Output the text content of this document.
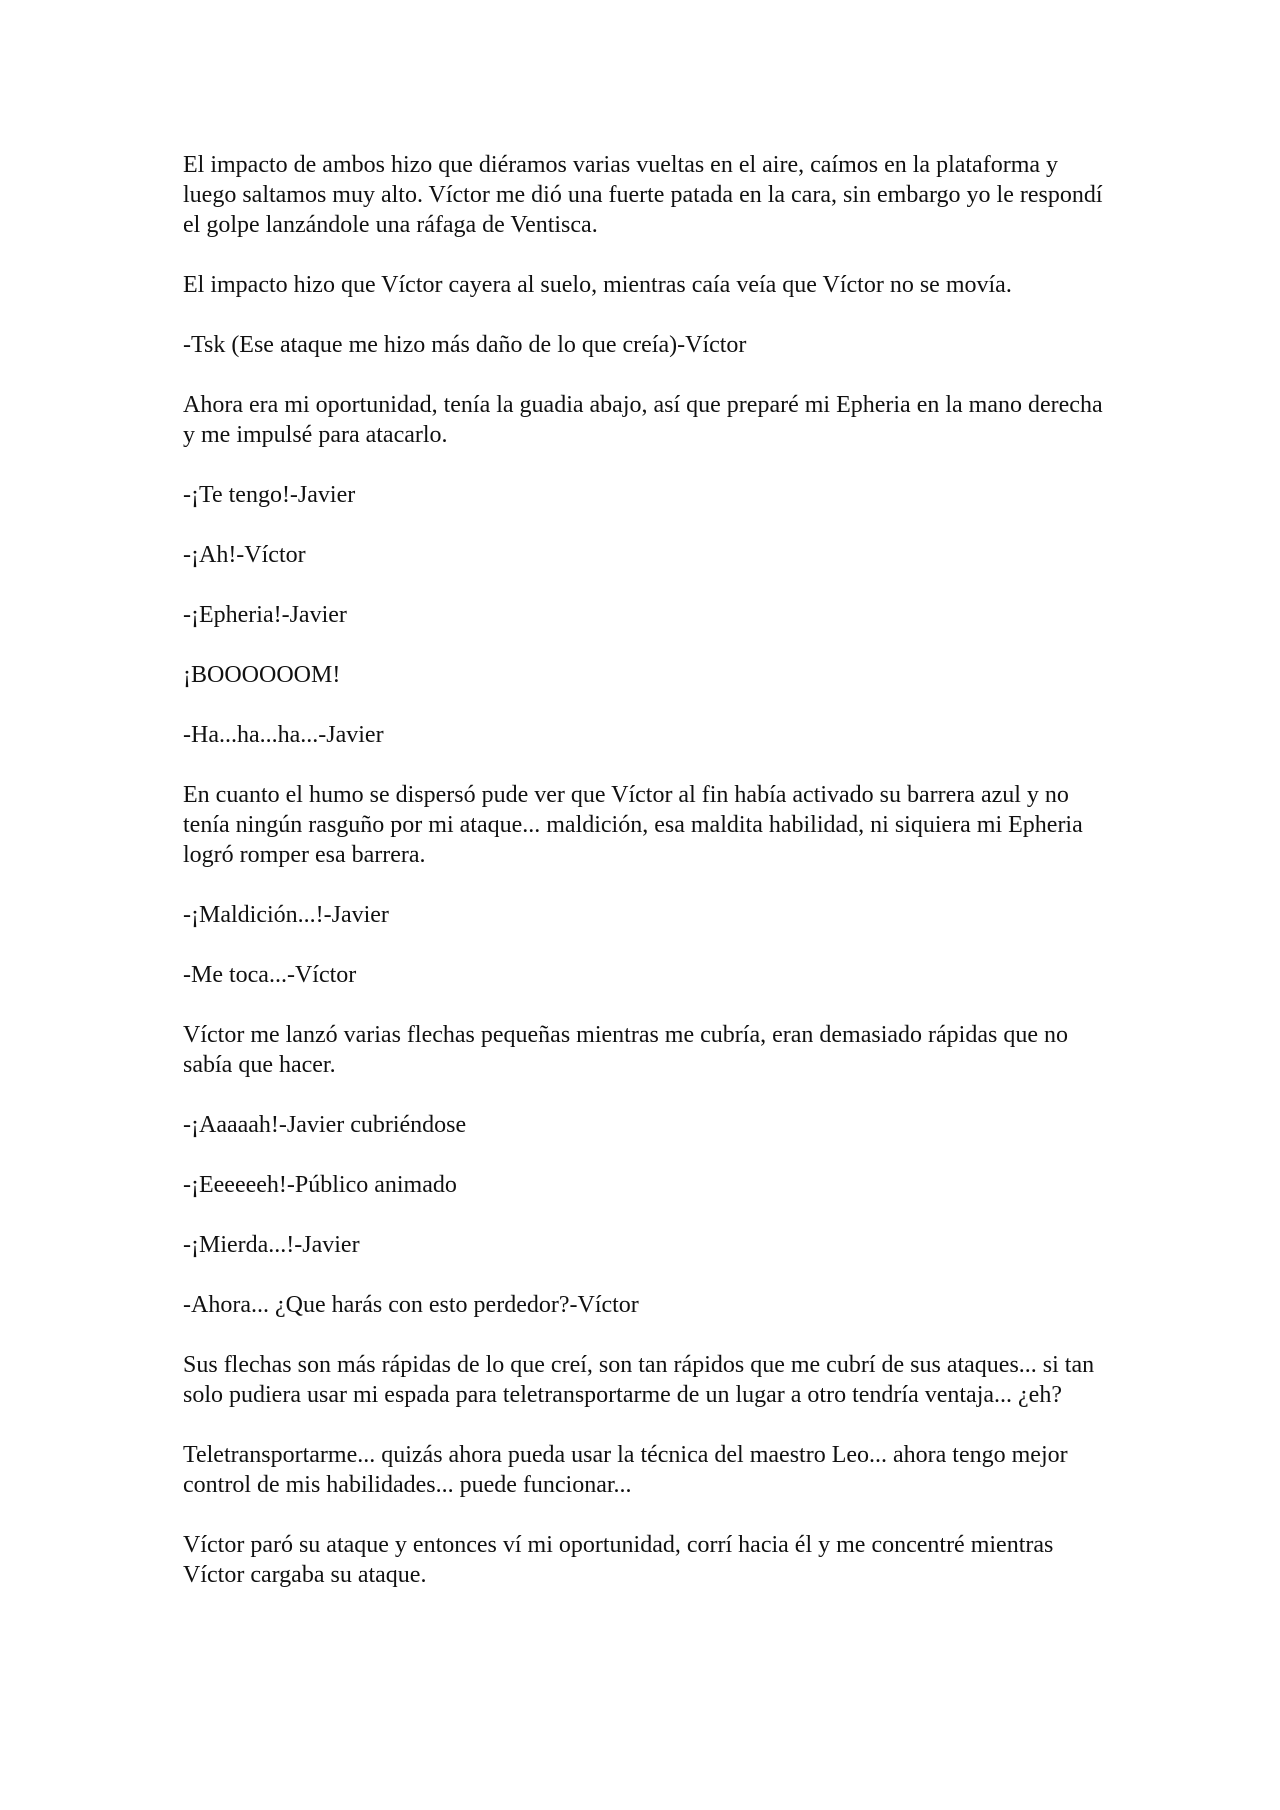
El impacto de ambos hizo que diéramos varias vueltas en el aire, caímos en la plataforma y luego saltamos muy alto. Víctor me dió una fuerte patada en la cara, sin embargo yo le respondí el golpe lanzándole una ráfaga de Ventisca.

El impacto hizo que Víctor cayera al suelo, mientras caía veía que Víctor no se movía.

-Tsk (Ese ataque me hizo más daño de lo que creía)-Víctor

Ahora era mi oportunidad, tenía la guadia abajo, así que preparé mi Epheria en la mano derecha y me impulsé para atacarlo.

-¡Te tengo!-Javier

-¡Ah!-Víctor

-¡Epheria!-Javier

¡BOOOOOOM!

-Ha...ha...ha...-Javier

En cuanto el humo se dispersó pude ver que Víctor al fin había activado su barrera azul y no tenía ningún rasguño por mi ataque... maldición, esa maldita habilidad, ni siquiera mi Epheria logró romper esa barrera.

-¡Maldición...!-Javier

-Me toca...-Víctor

Víctor me lanzó varias flechas pequeñas mientras me cubría, eran demasiado rápidas que no sabía que hacer.

-¡Aaaaah!-Javier cubriéndose

-¡Eeeeeeh!-Público animado

-¡Mierda...!-Javier

-Ahora... ¿Que harás con esto perdedor?-Víctor

Sus flechas son más rápidas de lo que creí, son tan rápidos que me cubrí de sus ataques... si tan solo pudiera usar mi espada para teletransportarme de un lugar a otro tendría ventaja... ¿eh?

Teletransportarme... quizás ahora pueda usar la técnica del maestro Leo... ahora tengo mejor control de mis habilidades... puede funcionar...

Víctor paró su ataque y entonces ví mi oportunidad, corrí hacia él y me concentré mientras Víctor cargaba su ataque.
